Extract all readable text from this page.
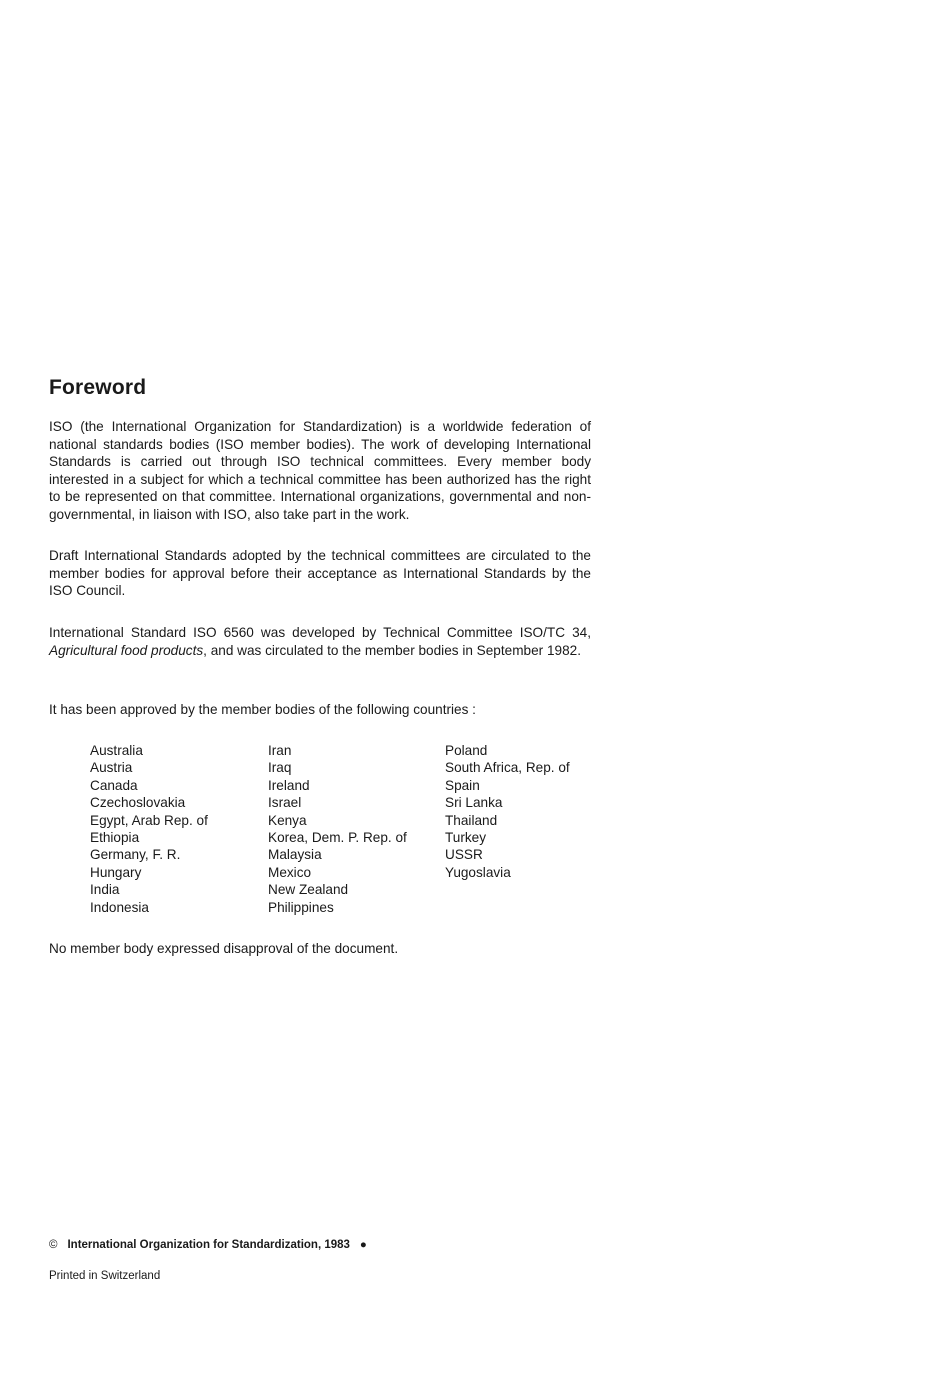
Foreword

ISO (the International Organization for Standardization) is a worldwide federation of national standards bodies (ISO member bodies). The work of developing International Standards is carried out through ISO technical committees. Every member body interested in a subject for which a technical committee has been authorized has the right to be represented on that committee. International organizations, governmental and non-governmental, in liaison with ISO, also take part in the work.

Draft International Standards adopted by the technical committees are circulated to the member bodies for approval before their acceptance as International Standards by the ISO Council.

International Standard ISO 6560 was developed by Technical Committee ISO/TC 34, Agricultural food products, and was circulated to the member bodies in September 1982.

It has been approved by the member bodies of the following countries :

Australia
Austria
Canada
Czechoslovakia
Egypt, Arab Rep. of
Ethiopia
Germany, F. R.
Hungary
India
Indonesia
Iran
Iraq
Ireland
Israel
Kenya
Korea, Dem. P. Rep. of
Malaysia
Mexico
New Zealand
Philippines
Poland
South Africa, Rep. of
Spain
Sri Lanka
Thailand
Turkey
USSR
Yugoslavia

No member body expressed disapproval of the document.

© International Organization for Standardization, 1983 ●
Printed in Switzerland
